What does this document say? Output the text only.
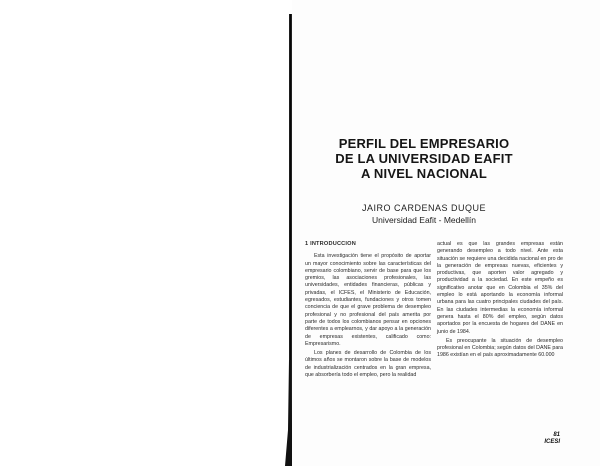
PERFIL DEL EMPRESARIO
DE LA UNIVERSIDAD EAFIT
A NIVEL NACIONAL
JAIRO CARDENAS DUQUE
Universidad Eafit - Medellín
1 INTRODUCCION

Esta investigación tiene el propósito de aportar un mayor conocimiento sobre las características del empresario colombiano, servir de base para que los gremios, las asociaciones profesionales, las universidades, entidades financieras, públicas y privadas, el ICFES, el Ministerio de Educación, egresados, estudiantes, fundaciones y otros tomen conciencia de que el grave problema de desempleo profesional y no profesional del país amerita por parte de todos los colombianos pensar en opciones diferentes a emplearnos, y dar apoyo a la generación de empresas existentes, calificado como: Empresarismo.

Los planes de desarrollo de Colombia de los últimos años se montaron sobre la base de modelos de industrialización centrados en la gran empresa, que absorbería todo el empleo, pero la realidad

actual es que las grandes empresas están generando desempleo a todo nivel. Ante esta situación se requiere una decidida nacional en pro de la generación de empresas nuevas, eficientes y productivas, que aporten valor agregado y productividad a la sociedad. En este empeño es significativo anotar que en Colombia el 35% del empleo lo está aportando la economía informal urbana para las cuatro principales ciudades del país. En las ciudades intermedias la economía informal genera hasta el 80% del empleo, según datos aportados por la encuesta de hogares del DANE en junio de 1984.

Es preocupante la situación de desempleo profesional en Colombia; según datos del DANE para 1986 existían en el país aproximadamente 60.000

81
ICESI
